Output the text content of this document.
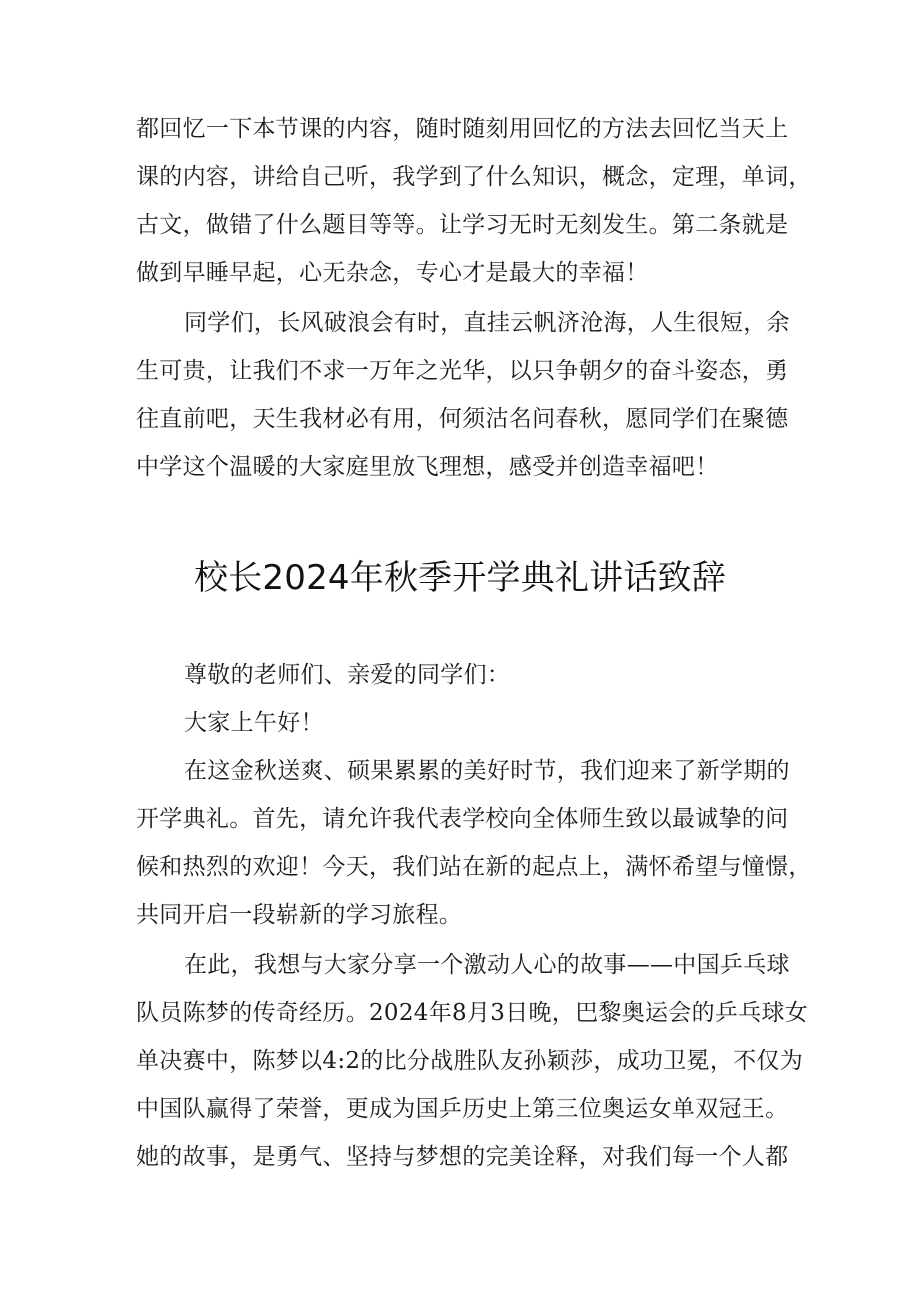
都回忆一下本节课的内容，随时随刻用回忆的方法去回忆当天上
课的内容，讲给自己听，我学到了什么知识，概念，定理，单词，
古文，做错了什么题目等等。让学习无时无刻发生。第二条就是
做到早睡早起，心无杂念，专心才是最大的幸福！
同学们，长风破浪会有时，直挂云帆济沧海，人生很短，余
生可贵，让我们不求一万年之光华，以只争朝夕的奋斗姿态，勇
往直前吧，天生我材必有用，何须沽名问春秋，愿同学们在聚德
中学这个温暖的大家庭里放飞理想，感受并创造幸福吧！
校长2024年秋季开学典礼讲话致辞
尊敬的老师们、亲爱的同学们：
大家上午好！
在这金秋送爽、硕果累累的美好时节，我们迎来了新学期的
开学典礼。首先，请允许我代表学校向全体师生致以最诚挚的问
候和热烈的欢迎！今天，我们站在新的起点上，满怀希望与憧憬，
共同开启一段崭新的学习旅程。
在此，我想与大家分享一个激动人心的故事——中国乒乓球
队员陈梦的传奇经历。2024年8月3日晚，巴黎奥运会的乒乓球女
单决赛中，陈梦以4:2的比分战胜队友孙颖莎，成功卫冕，不仅为
中国队赢得了荣誉，更成为国乒历史上第三位奥运女单双冠王。
她的故事，是勇气、坚持与梦想的完美诠释，对我们每一个人都
